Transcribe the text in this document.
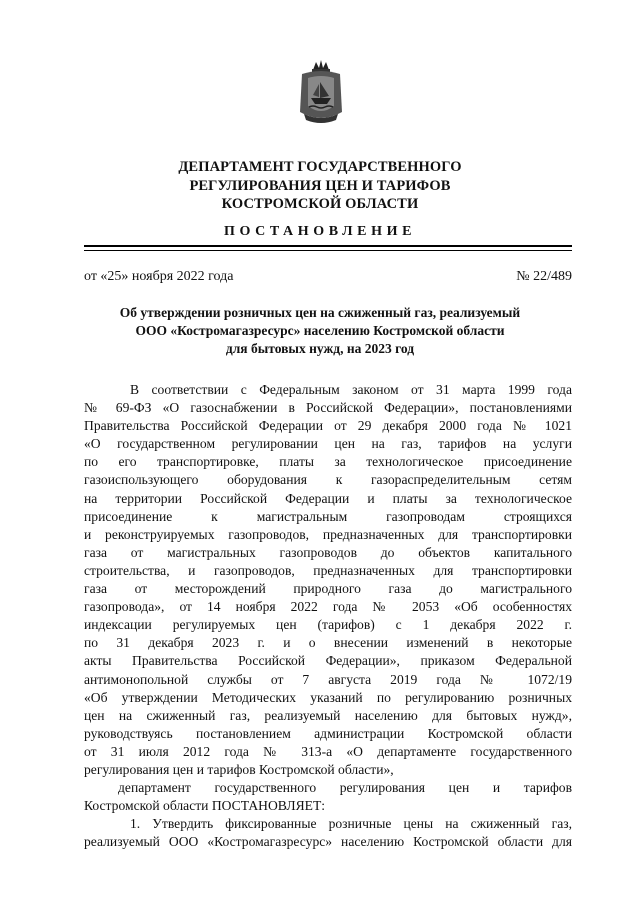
ДЕПАРТАМЕНТ ГОСУДАРСТВЕННОГО
РЕГУЛИРОВАНИЯ ЦЕН И ТАРИФОВ
КОСТРОМСКОЙ ОБЛАСТИ
ПОСТАНОВЛЕНИЕ
от «25» ноября 2022 года	№ 22/489
Об утверждении розничных цен на сжиженный газ, реализуемый
ООО «Костромагазресурс» населению Костромской области
для бытовых нужд, на 2023 год
В соответствии с Федеральным законом от 31 марта 1999 года
№ 69-ФЗ «О газоснабжении в Российской Федерации», постановлениями
Правительства Российской Федерации от 29 декабря 2000 года № 1021
«О государственном регулировании цен на газ, тарифов на услуги
по его транспортировке, платы за технологическое присоединение
газоиспользующего оборудования к газораспределительным сетям
на территории Российской Федерации и платы за технологическое
присоединение к магистральным газопроводам строящихся
и реконструируемых газопроводов, предназначенных для транспортировки
газа от магистральных газопроводов до объектов капитального
строительства, и газопроводов, предназначенных для транспортировки
газа от месторождений природного газа до магистрального
газопровода», от 14 ноября 2022 года № 2053 «Об особенностях
индексации регулируемых цен (тарифов) с 1 декабря 2022 г.
по 31 декабря 2023 г. и о внесении изменений в некоторые
акты Правительства Российской Федерации», приказом Федеральной
антимонопольной службы от 7 августа 2019 года № 1072/19
«Об утверждении Методических указаний по регулированию розничных
цен на сжиженный газ, реализуемый населению для бытовых нужд»,
руководствуясь постановлением администрации Костромской области
от 31 июля 2012 года № 313-а «О департаменте государственного
регулирования цен и тарифов Костромской области»,
департамент государственного регулирования цен и тарифов
Костромской области ПОСТАНОВЛЯЕТ:
1. Утвердить фиксированные розничные цены на сжиженный газ,
реализуемый ООО «Костромагазресурс» населению Костромской области для
